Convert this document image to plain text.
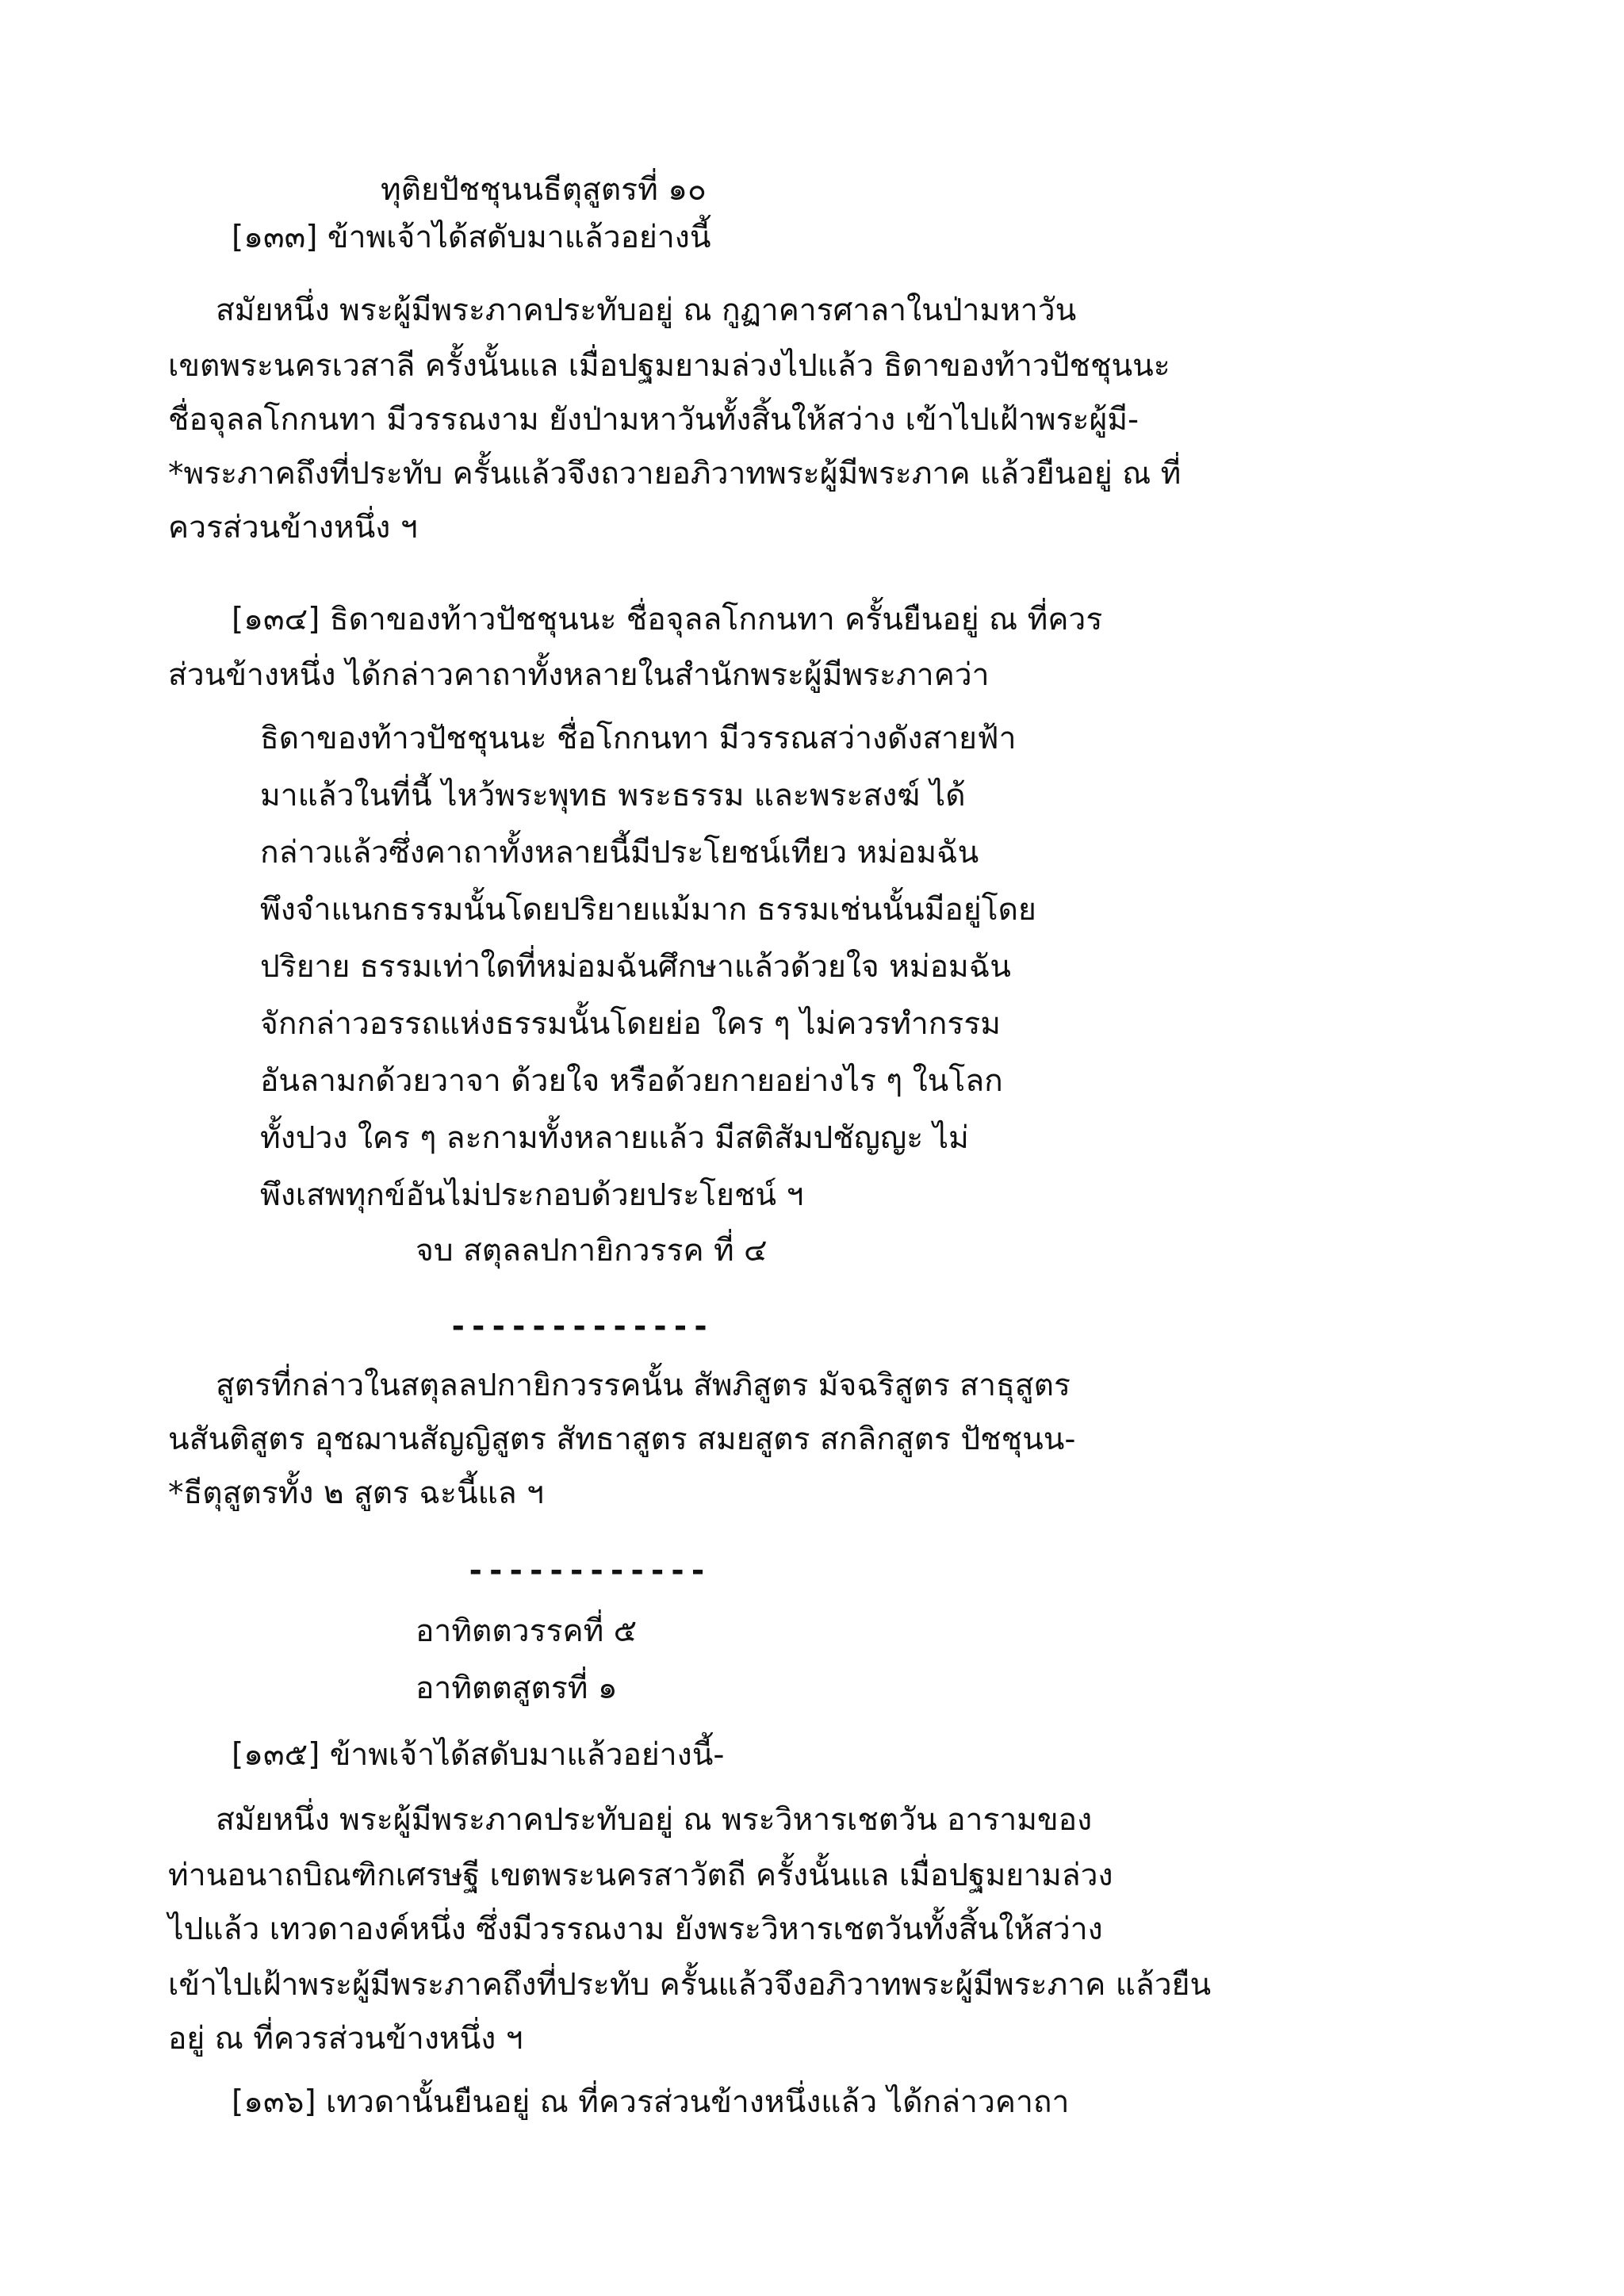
ทุติยปัชชุนนธีตุสูตรที่ ๑๐

[๑๓๓] ข้าพเจ้าได้สดับมาแล้วอย่างนี้

สมัยหนึ่ง พระผู้มีพระภาคประทับอยู่ ณ กูฏาคารศาลาในป่ามหาวัน

เขตพระนครเวสาลี ครั้งนั้นแล เมื่อปฐมยามล่วงไปแล้ว ธิดาของท้าวปัชชุนนะ

ชื่อจุลลโกกนทา มีวรรณงาม ยังป่ามหาวันทั้งสิ้นให้สว่าง เข้าไปเฝ้าพระผู้มี-

*พระภาคถึงที่ประทับ ครั้นแล้วจึงถวายอภิวาทพระผู้มีพระภาค แล้วยืนอยู่ ณ ที่

ควรส่วนข้างหนึ่ง ฯ

[๑๓๔] ธิดาของท้าวปัชชุนนะ ชื่อจุลลโกกนทา ครั้นยืนอยู่ ณ ที่ควร

ส่วนข้างหนึ่ง ได้กล่าวคาถาทั้งหลายในสำนักพระผู้มีพระภาคว่า

ธิดาของท้าวปัชชุนนะ ชื่อโกกนทา มีวรรณสว่างดังสายฟ้า

มาแล้วในที่นี้ ไหว้พระพุทธ พระธรรม และพระสงฆ์ ได้

กล่าวแล้วซึ่งคาถาทั้งหลายนี้มีประโยชน์เทียว หม่อมฉัน

พึงจำแนกธรรมนั้นโดยปริยายแม้มาก ธรรมเช่นนั้นมีอยู่โดย

ปริยาย ธรรมเท่าใดที่หม่อมฉันศึกษาแล้วด้วยใจ หม่อมฉัน

จักกล่าวอรรถแห่งธรรมนั้นโดยย่อ ใคร ๆ ไม่ควรทำกรรม

อันลามกด้วยวาจา ด้วยใจ หรือด้วยกายอย่างไร ๆ ในโลก

ทั้งปวง ใคร ๆ ละกามทั้งหลายแล้ว มีสติสัมปชัญญะ ไม่

พึงเสพทุกข์อันไม่ประกอบด้วยประโยชน์ ฯ

จบ สตุลลปกายิกวรรค ที่ ๔

-------------

สูตรที่กล่าวในสตุลลปกายิกวรรคนั้น สัพภิสูตร มัจฉริสูตร สาธุสูตร

นสันติสูตร อุชฌานสัญญิสูตร สัทธาสูตร สมยสูตร สกลิกสูตร ปัชชุนน-

*ธีตุสูตรทั้ง ๒ สูตร ฉะนี้แล ฯ

------------

อาทิตตวรรคที่ ๕

อาทิตตสูตรที่ ๑

[๑๓๕] ข้าพเจ้าได้สดับมาแล้วอย่างนี้-

สมัยหนึ่ง พระผู้มีพระภาคประทับอยู่ ณ พระวิหารเชตวัน อารามของ

ท่านอนาถบิณฑิกเศรษฐี เขตพระนครสาวัตถี ครั้งนั้นแล เมื่อปฐมยามล่วง

ไปแล้ว เทวดาองค์หนึ่ง ซึ่งมีวรรณงาม ยังพระวิหารเชตวันทั้งสิ้นให้สว่าง

เข้าไปเฝ้าพระผู้มีพระภาคถึงที่ประทับ ครั้นแล้วจึงอภิวาทพระผู้มีพระภาค แล้วยืน

อยู่ ณ ที่ควรส่วนข้างหนึ่ง ฯ

[๑๓๖] เทวดานั้นยืนอยู่ ณ ที่ควรส่วนข้างหนึ่งแล้ว ได้กล่าวคาถา
